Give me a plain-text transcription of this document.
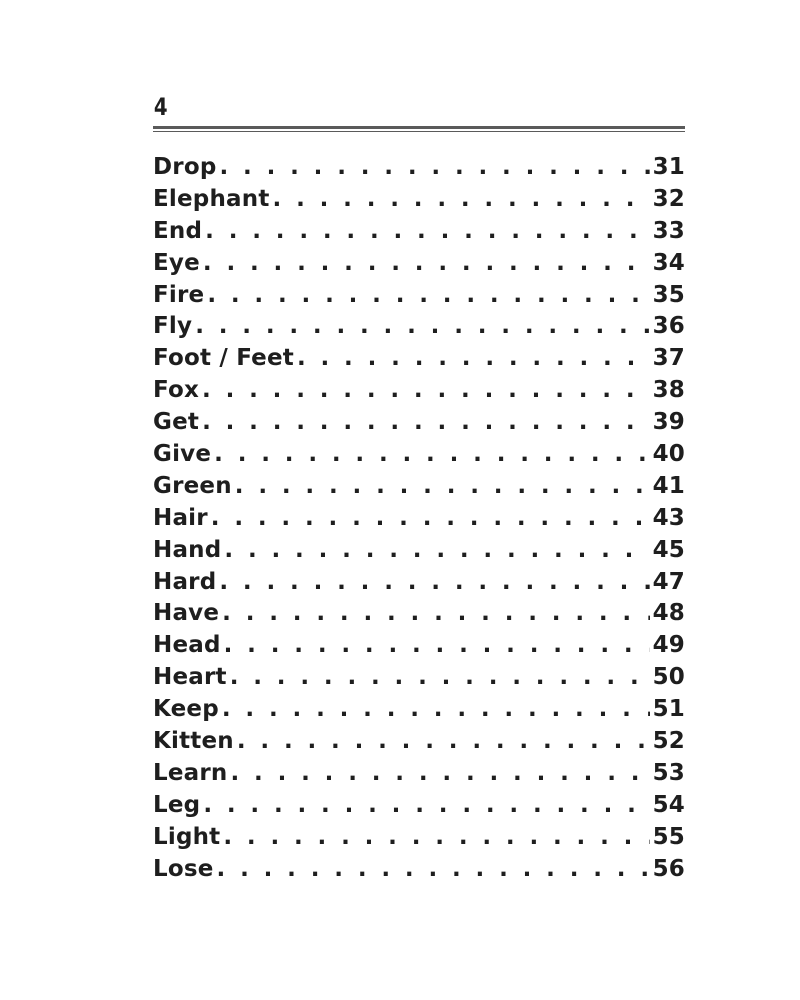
4
Drop . . .	31
Elephant . . .	32
End . . .	33
Eye . . .	34
Fire . . .	35
Fly . . .	36
Foot / Feet . . .	37
Fox . . .	38
Get . . .	39
Give . . .	40
Green . . .	41
Hair . . .	43
Hand . . .	45
Hard . . .	47
Have . . .	48
Head . . .	49
Heart . . .	50
Keep . . .	51
Kitten . . .	52
Learn . . .	53
Leg . . .	54
Light . . .	55
Lose . . .	56
